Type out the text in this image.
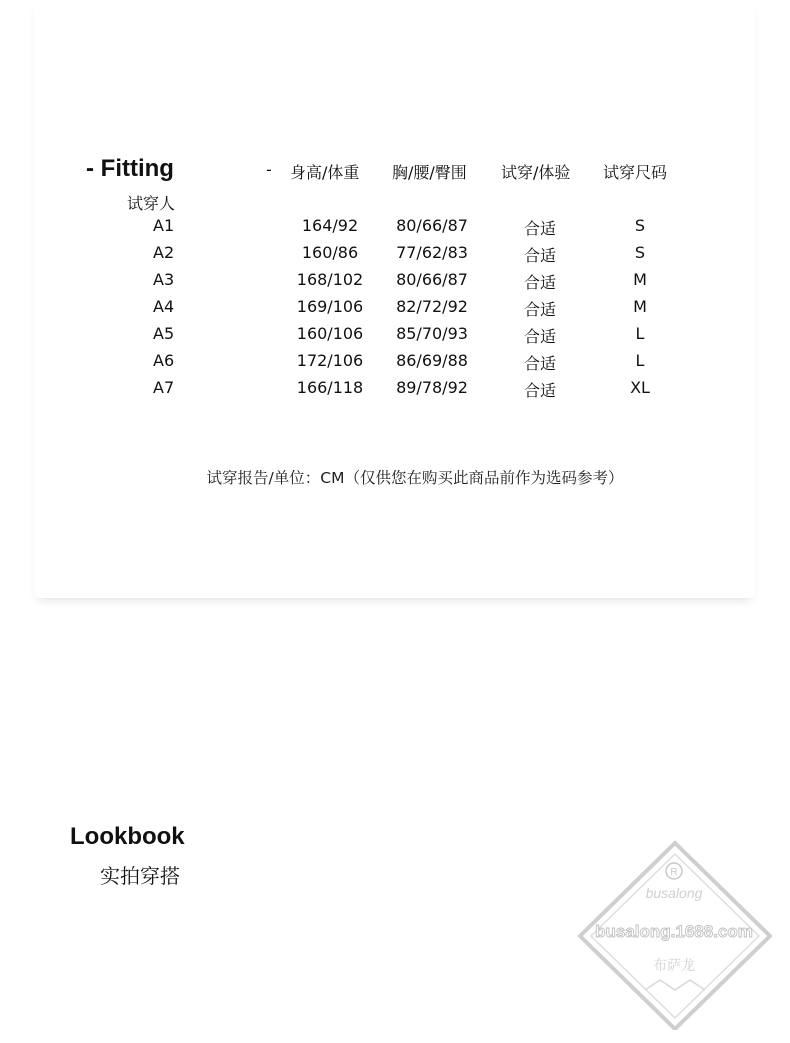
- Fitting	- 身高/体重 胸/腰/臀围 试穿/体验 试穿尺码
试穿人
A1	164/92	80/66/87	合适	S
A2	160/86	77/62/83	合适	S
A3	168/102	80/66/87	合适	M
A4	169/106	82/72/92	合适	M
A5	160/106	85/70/93	合适	L
A6	172/106	86/69/88	合适	L
A7	166/118	89/78/92	合适	XL
试穿报告/单位：CM（仅供您在购买此商品前作为选码参考）
Lookbook
实拍穿搭	R
busalong
busalong.1688.com
布萨龙
